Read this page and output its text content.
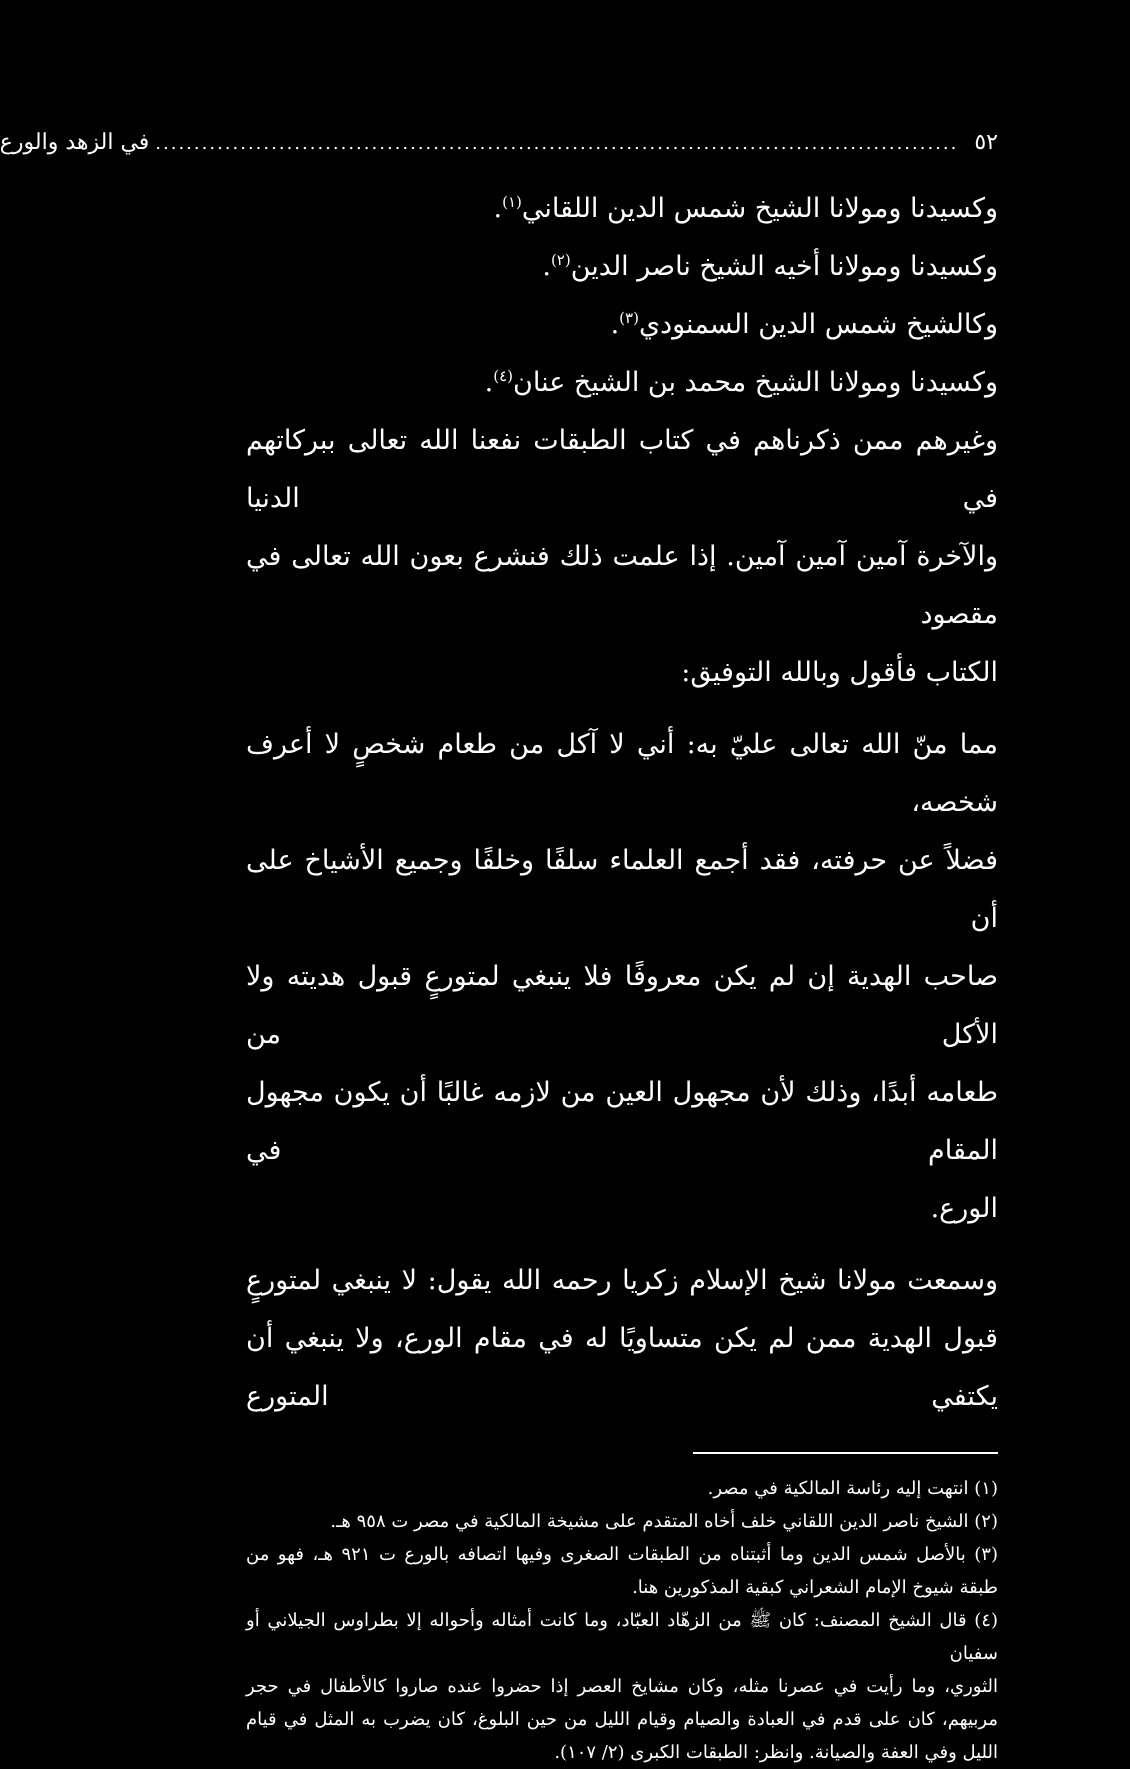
٥٢
........................................................................................................
في الزهد والورع
وكسيدنا ومولانا الشيخ شمس الدين اللقاني$^{(١)}$.
وكسيدنا ومولانا أخيه الشيخ ناصر الدين$^{(٢)}$.
وكالشيخ شمس الدين السمنودي$^{(٣)}$.
وكسيدنا ومولانا الشيخ محمد بن الشيخ عنان$^{(٤)}$.
وغيرهم ممن ذكرناهم في كتاب الطبقات نفعنا الله تعالى ببركاتهم في الدنيا
والآخرة آمين آمين آمين. إذا علمت ذلك فنشرع بعون الله تعالى في مقصود
الكتاب فأقول وبالله التوفيق:
مما منّ الله تعالى عليّ به: أني لا آكل من طعام شخصٍ لا أعرف شخصه،
فضلاً عن حرفته، فقد أجمع العلماء سلفًا وخلفًا وجميع الأشياخ على أن
صاحب الهدية إن لم يكن معروفًا فلا ينبغي لمتورعٍ قبول هديته ولا الأكل من
طعامه أبدًا، وذلك لأن مجهول العين من لازمه غالبًا أن يكون مجهول المقام في
الورع.
وسمعت مولانا شيخ الإسلام زكريا رحمه الله يقول: لا ينبغي لمتورعٍ
قبول الهدية ممن لم يكن متساويًا له في مقام الورع، ولا ينبغي أن يكتفي المتورع
(١) انتهت إليه رئاسة المالكية في مصر.
(٢) الشيخ ناصر الدين اللقاني خلف أخاه المتقدم على مشيخة المالكية في مصر ت ٩٥٨ هـ.
(٣) بالأصل شمس الدين وما أثبتناه من الطبقات الصغرى وفيها اتصافه بالورع ت ٩٢١ هـ، فهو من
طبقة شيوخ الإمام الشعراني كبقية المذكورين هنا.
(٤) قال الشيخ المصنف: كان ﷺ من الزهّاد العبّاد، وما كانت أمثاله وأحواله إلا بطراوس الجيلاني أو سفيان
الثوري، وما رأيت في عصرنا مثله، وكان مشايخ العصر إذا حضروا عنده صاروا كالأطفال في حجر
مربيهم، كان على قدم في العبادة والصيام وقيام الليل من حين البلوغ، كان يضرب به المثل في قيام
الليل وفي العفة والصيانة. وانظر: الطبقات الكبرى (٢/ ١٠٧).
